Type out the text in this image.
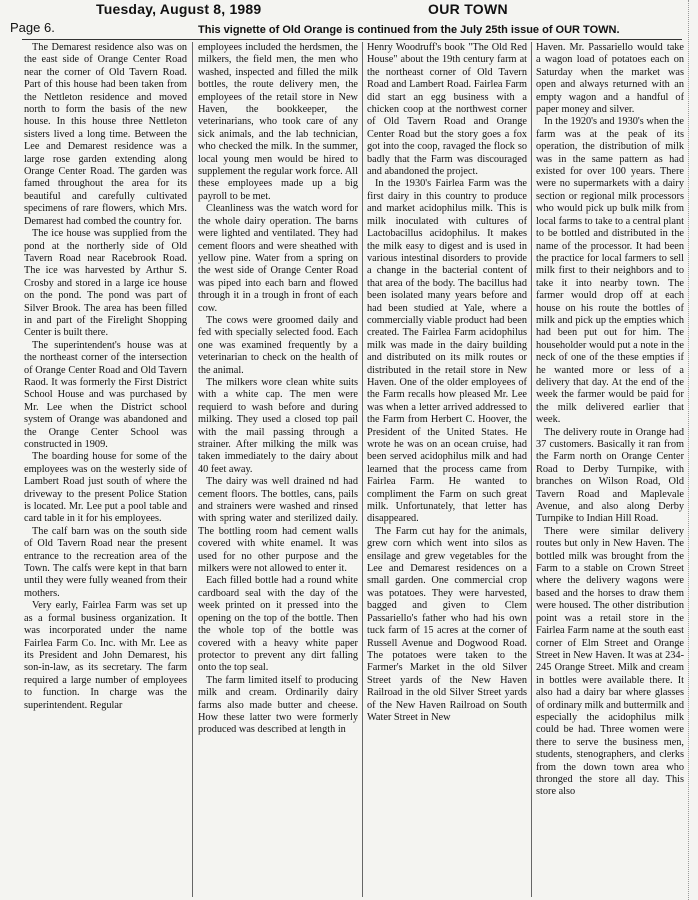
Tuesday, August 8, 1989	OUR TOWN
Page 6.	This vignette of Old Orange is continued from the July 25th issue of OUR TOWN.

The Demarest residence also was on the east side of Orange Center Road near the corner of Old Tavern Road. Part of this house had been taken from the Nettleton residence and moved north to form the basis of the new house. In this house three Nettleton sisters lived a long time. Between the Lee and Demarest residence was a large rose garden extending along Orange Center Road. The garden was famed throughout the area for its beautiful and carefully cultivated specimens of rare flowers, which Mrs. Demarest had combed the country for.

The ice house was supplied from the pond at the northerly side of Old Tavern Road near Racebrook Road. The ice was harvested by Arthur S. Crosby and stored in a large ice house on the pond. The pond was part of Silver Brook. The area has been filled in and part of the Firelight Shopping Center is built there.

The superintendent's house was at the northeast corner of the intersection of Orange Center Road and Old Tavern Raod. It was formerly the First District School House and was purchased by Mr. Lee when the District school system of Orange was abandoned and the Orange Center School was constructed in 1909.

The boarding house for some of the employees was on the westerly side of Lambert Road just south of where the driveway to the present Police Station is located. Mr. Lee put a pool table and card table in it for his employees.

The calf barn was on the south side of Old Tavern Road near the present entrance to the recreation area of the Town. The calfs were kept in that barn until they were fully weaned from their mothers.

Very early, Fairlea Farm was set up as a formal business organization. It was incorporated under the name Fairlea Farm Co. Inc. with Mr. Lee as its President and John Demarest, his son-in-law, as its secretary. The farm required a large number of employees to function. In charge was the superintendent. Regular

employees included the herdsmen, the milkers, the field men, the men who washed, inspected and filled the milk bottles, the route delivery men, the employees of the retail store in New Haven, the bookkeeper, the veterinarians, who took care of any sick animals, and the lab technician, who checked the milk. In the summer, local young men would be hired to supplement the regular work force. All these employees made up a big payroll to be met.

Cleanliness was the watch word for the whole dairy operation. The barns were lighted and ventilated. They had cement floors and were sheathed with yellow pine. Water from a spring on the west side of Orange Center Road was piped into each barn and flowed through it in a trough in front of each cow.

The cows were groomed daily and fed with specially selected food. Each one was examined frequently by a veterinarian to check on the health of the animal.

The milkers wore clean white suits with a white cap. The men were requierd to wash before and during milking. They used a closed top pail with the mail passing through a strainer. After milking the milk was taken immediately to the dairy about 40 feet away.

The dairy was well drained nd had cement floors. The bottles, cans, pails and strainers were washed and rinsed with spring water and sterilized daily. The bottling room had cement walls covered with white enamel. It was used for no other purpose and the milkers were not allowed to enter it.

Each filled bottle had a round white cardboard seal with the day of the week printed on it pressed into the opening on the top of the bottle. Then the whole top of the bottle was covered with a heavy white paper protector to prevent any dirt falling onto the top seal.

The farm limited itself to producing milk and cream. Ordinarily dairy farms also made butter and cheese. How these latter two were formerly produced was described at length in

Henry Woodruff's book "The Old Red House" about the 19th century farm at the northeast corner of Old Tavern Road and Lambert Road. Fairlea Farm did start an egg business with a chicken coop at the northwest corner of Old Tavern Road and Orange Center Road but the story goes a fox got into the coop, ravaged the flock so badly that the Farm was discouraged and abandoned the project.

In the 1930's Fairlea Farm was the first dairy in this country to produce and market acidophilus milk. This is milk inoculated with cultures of Lactobacillus acidophilus. It makes the milk easy to digest and is used in various intestinal disorders to provide a change in the bacterial content of that area of the body. The bacillus had been isolated many years before and had been studied at Yale, where a commercially viable product had been created. The Fairlea Farm acidophilus milk was made in the dairy building and distributed on its milk routes or distributed in the retail store in New Haven. One of the older employees of the Farm recalls how pleased Mr. Lee was when a letter arrived addressed to the Farm from Herbert C. Hoover, the President of the United States. He wrote he was on an ocean cruise, had been served acidophilus milk and had learned that the process came from Fairlea Farm. He wanted to compliment the Farm on such great milk. Unfortunately, that letter has disappeared.

The Farm cut hay for the animals, grew corn which went into silos as ensilage and grew vegetables for the Lee and Demarest residences on a small garden. One commercial crop was potatoes. They were harvested, bagged and given to Clem Passariello's father who had his own tuck farm of 15 acres at the corner of Russell Avenue and Dogwood Road. The potatoes were taken to the Farmer's Market in the old Silver Street yards of the New Haven Railroad in the old Silver Street yards of the New Haven Railroad on South Water Street in New

Haven. Mr. Passariello would take a wagon load of potatoes each on Saturday when the market was open and always returned with an empty wagon and a handful of paper money and silver.

In the 1920's and 1930's when the farm was at the peak of its operation, the distribution of milk was in the same pattern as had existed for over 100 years. There were no supermarkets with a dairy section or regional milk processors who would pick up bulk milk from local farms to take to a central plant to be bottled and distributed in the name of the processor. It had been the practice for local farmers to sell milk first to their neighbors and to take it into nearby town. The farmer would drop off at each house on his route the bottles of milk and pick up the empties which had been put out for him. The householder would put a note in the neck of one of the these empties if he wanted more or less of a delivery that day. At the end of the week the farmer would be paid for the milk delivered earlier that week.

The delivery route in Orange had 37 customers. Basically it ran from the Farm north on Orange Center Road to Derby Turnpike, with branches on Wilson Road, Old Tavern Road and Maplevale Avenue, and also along Derby Turnpike to Indian Hill Road.

There were similar delivery routes but only in New Haven. The bottled milk was brought from the Farm to a stable on Crown Street where the delivery wagons were based and the horses to draw them were housed. The other distribution point was a retail store in the Fairlea Farm name at the south east corner of Elm Street and Orange Street in New Haven. It was at 234-245 Orange Street. Milk and cream in bottles were available there. It also had a dairy bar where glasses of ordinary milk and buttermilk and especially the acidophilus milk could be had. Three women were there to serve the business men, students, stenographers, and clerks from the down town area who thronged the store all day. This store also
